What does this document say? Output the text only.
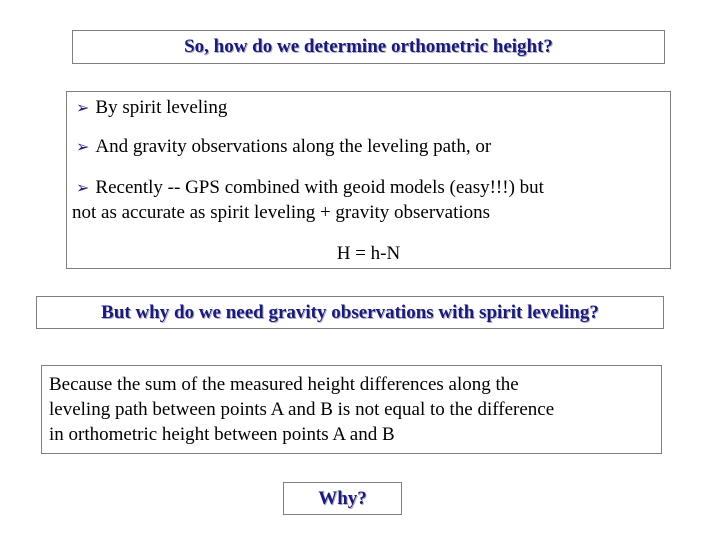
So, how do we determine orthometric height?
➢ By spirit leveling
➢ And gravity observations along the leveling path, or
➢ Recently -- GPS combined with geoid models (easy!!!) but
not as accurate as spirit leveling + gravity observations
H = h-N
But why do we need gravity observations with spirit leveling?
Because the sum of the measured height differences along the
leveling path between points A and B is not equal to the difference
in orthometric height between points A and B
Why?
